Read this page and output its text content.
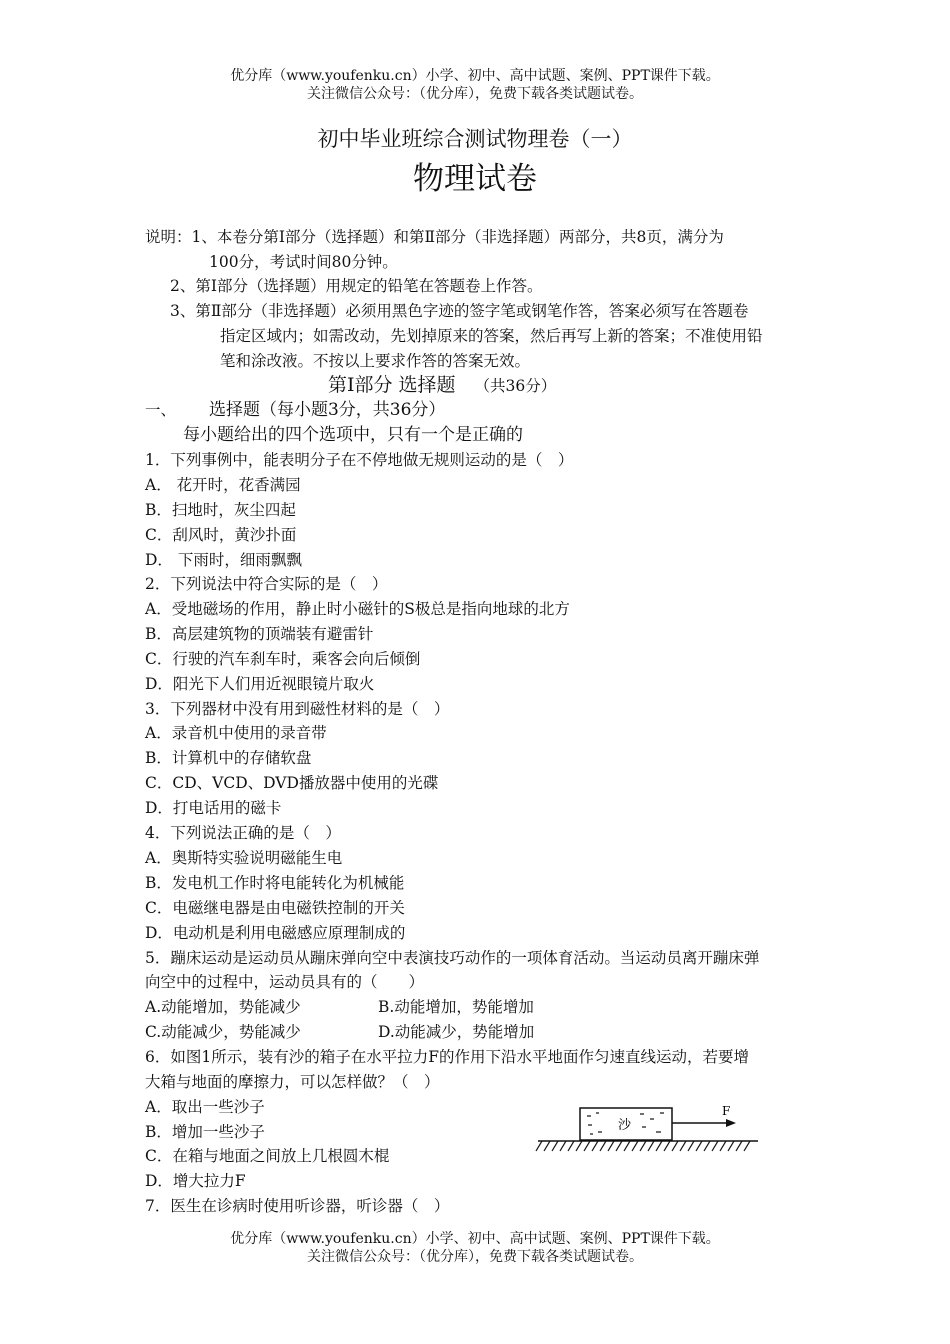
优分库（www.youfenku.cn）小学、初中、高中试题、案例、PPT课件下载。
关注微信公众号：（优分库），免费下载各类试题试卷。
初中毕业班综合测试物理卷（一）
物理试卷
说明：1、本卷分第Ⅰ部分（选择题）和第Ⅱ部分（非选择题）两部分，共8页，满分为
100分，考试时间80分钟。
2、第Ⅰ部分（选择题）用规定的铅笔在答题卷上作答。
3、第Ⅱ部分（非选择题）必须用黑色字迹的签字笔或钢笔作答，答案必须写在答题卷
指定区域内；如需改动，先划掉原来的答案，然后再写上新的答案；不准使用铅
笔和涂改液。不按以上要求作答的答案无效。
第Ⅰ部分 选择题 （共36分）
一、 选择题（每小题3分，共36分）
每小题给出的四个选项中，只有一个是正确的
1．下列事例中，能表明分子在不停地做无规则运动的是（　）
A． 花开时，花香满园
B．扫地时，灰尘四起
C．刮风时，黄沙扑面
D． 下雨时，细雨飘飘
2．下列说法中符合实际的是（　）
A．受地磁场的作用，静止时小磁针的S极总是指向地球的北方
B．高层建筑物的顶端装有避雷针
C．行驶的汽车刹车时，乘客会向后倾倒
D．阳光下人们用近视眼镜片取火
3．下列器材中没有用到磁性材料的是（　）
A．录音机中使用的录音带
B．计算机中的存储软盘
C．CD、VCD、DVD播放器中使用的光碟
D．打电话用的磁卡
4．下列说法正确的是（　）
A．奥斯特实验说明磁能生电
B．发电机工作时将电能转化为机械能
C．电磁继电器是由电磁铁控制的开关
D．电动机是利用电磁感应原理制成的
5．蹦床运动是运动员从蹦床弹向空中表演技巧动作的一项体育活动。当运动员离开蹦床弹
向空中的过程中，运动员具有的（　　）
A.动能增加，势能减少	B.动能增加，势能增加
C.动能减少，势能减少	D.动能减少，势能增加
6．如图1所示，装有沙的箱子在水平拉力F的作用下沿水平地面作匀速直线运动，若要增
大箱与地面的摩擦力，可以怎样做？（　）
A．取出一些沙子
B．增加一些沙子
C．在箱与地面之间放上几根圆木棍
D．增大拉力F
7．医生在诊病时使用听诊器，听诊器（　）
沙
F
优分库（www.youfenku.cn）小学、初中、高中试题、案例、PPT课件下载。
关注微信公众号：（优分库），免费下载各类试题试卷。
